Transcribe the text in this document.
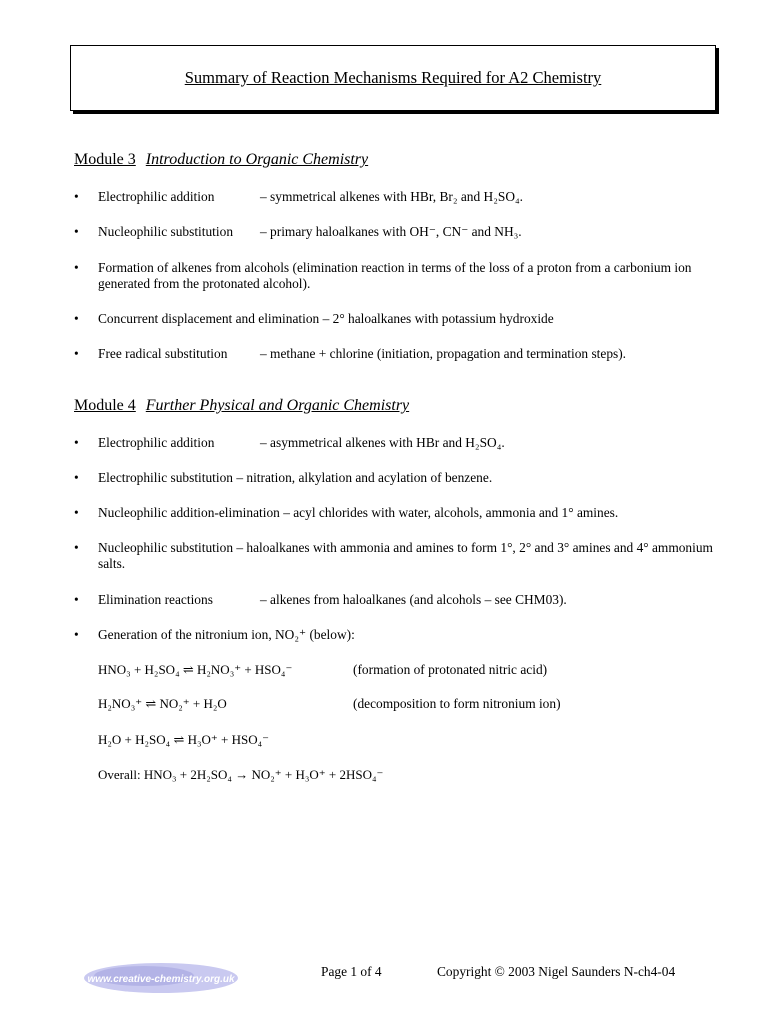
Summary of Reaction Mechanisms Required for A2 Chemistry
Module 3 Introduction to Organic Chemistry
• Electrophilic addition	– symmetrical alkenes with HBr, Br₂ and H₂SO₄.
• Nucleophilic substitution – primary haloalkanes with OH⁻, CN⁻ and NH₃.
• Formation of alkenes from alcohols (elimination reaction in terms of the loss of a proton from a carbonium ion generated from the protonated alcohol).
• Concurrent displacement and elimination – 2° haloalkanes with potassium hydroxide
• Free radical substitution – methane + chlorine (initiation, propagation and termination steps).
Module 4 Further Physical and Organic Chemistry
• Electrophilic addition	– asymmetrical alkenes with HBr and H₂SO₄.
• Electrophilic substitution – nitration, alkylation and acylation of benzene.
• Nucleophilic addition-elimination – acyl chlorides with water, alcohols, ammonia and 1° amines.
• Nucleophilic substitution – haloalkanes with ammonia and amines to form 1°, 2° and 3° amines and 4° ammonium salts.
• Elimination reactions	– alkenes from haloalkanes (and alcohols – see CHM03).
• Generation of the nitronium ion, NO₂⁺ (below):
HNO₃ + H₂SO₄ ⇌ H₂NO₃⁺ + HSO₄⁻	(formation of protonated nitric acid)
H₂NO₃⁺ ⇌ NO₂⁺ + H₂O	(decomposition to form nitronium ion)
H₂O + H₂SO₄ ⇌ H₃O⁺ + HSO₄⁻
Overall: HNO₃ + 2H₂SO₄ → NO₂⁺ + H₃O⁺ + 2HSO₄⁻
www.creative-chemistry.org.uk
Page 1 of 4	Copyright © 2003 Nigel Saunders N-ch4-04
